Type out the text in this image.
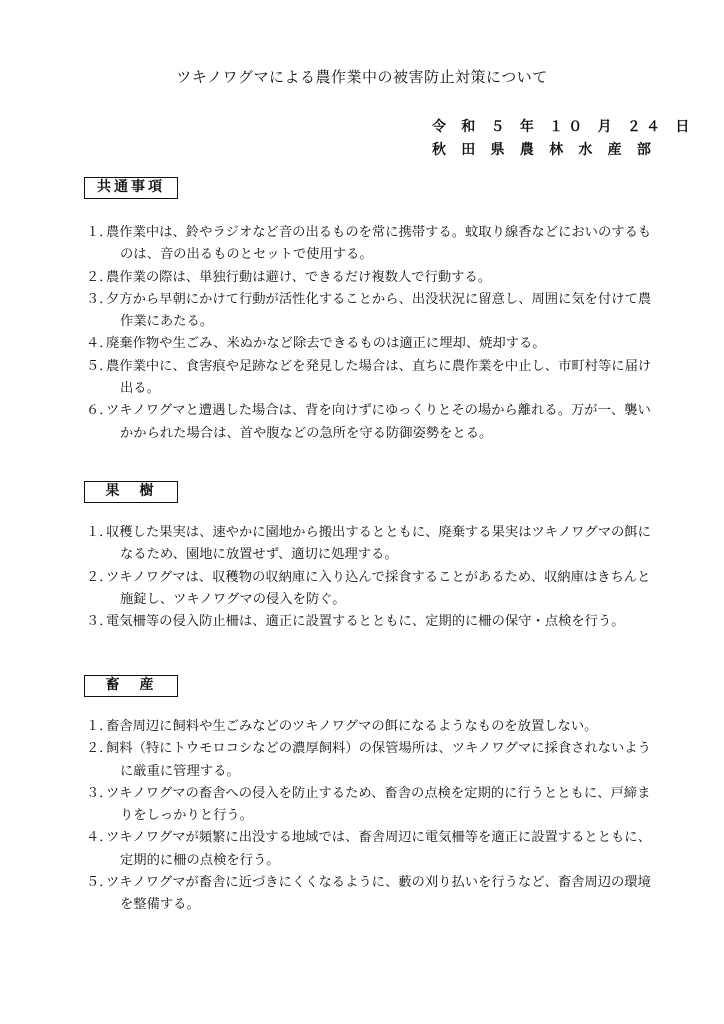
ツキノワグマによる農作業中の被害防止対策について
令 和 ５ 年 １０ 月 ２４ 日
秋 田 県 農 林 水 産 部
共通事項
１．
農作業中は、鈴やラジオなど音の出るものを常に携帯する。蚊取り線香などにおいのするものは、音の出るものとセットで使用する。
２．
農作業の際は、単独行動は避け、できるだけ複数人で行動する。
３．
夕方から早朝にかけて行動が活性化することから、出没状況に留意し、周囲に気を付けて農作業にあたる。
４．
廃棄作物や生ごみ、米ぬかなど除去できるものは適正に埋却、焼却する。
５．
農作業中に、食害痕や足跡などを発見した場合は、直ちに農作業を中止し、市町村等に届け出る。
６．
ツキノワグマと遭遇した場合は、背を向けずにゆっくりとその場から離れる。万が一、襲いかかられた場合は、首や腹などの急所を守る防御姿勢をとる。
果　樹
１．
収穫した果実は、速やかに園地から搬出するとともに、廃棄する果実はツキノワグマの餌になるため、園地に放置せず、適切に処理する。
２．
ツキノワグマは、収穫物の収納庫に入り込んで採食することがあるため、収納庫はきちんと施錠し、ツキノワグマの侵入を防ぐ。
３．
電気柵等の侵入防止柵は、適正に設置するとともに、定期的に柵の保守・点検を行う。
畜　産
１．
畜舎周辺に飼料や生ごみなどのツキノワグマの餌になるようなものを放置しない。
２．
飼料（特にトウモロコシなどの濃厚飼料）の保管場所は、ツキノワグマに採食されないように厳重に管理する。
３．
ツキノワグマの畜舎への侵入を防止するため、畜舎の点検を定期的に行うとともに、戸締まりをしっかりと行う。
４．
ツキノワグマが頻繁に出没する地域では、畜舎周辺に電気柵等を適正に設置するとともに、定期的に柵の点検を行う。
５．
ツキノワグマが畜舎に近づきにくくなるように、藪の刈り払いを行うなど、畜舎周辺の環境を整備する。
